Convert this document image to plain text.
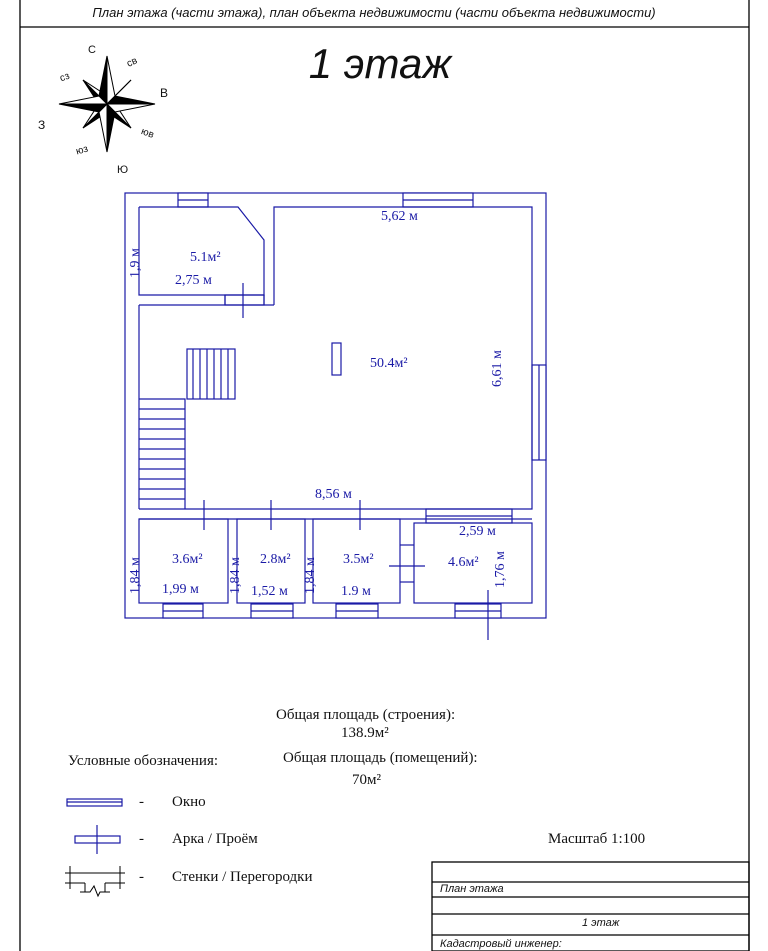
План этажа (части этажа), план объекта недвижимости (части объекта недвижимости)
1 этаж
С
сз
св
З
В
юз
юв
Ю
5.1м²
2,75 м
1,9 м
5,62 м
50.4м²	6,61 м
8,56 м
3.6м²
1,99 м
1,84 м	2.8м²
1,52 м
1,84 м	3.5м²
1.9 м
1,84 м
2,59 м
4.6м² 1,76 м
Общая площадь (строения):
138.9м²
Общая площадь (помещений):
70м²
Условные обозначения:
- Окно
- Арка / Проём
- Стенки / Перегородки
Масштаб 1:100
План этажа
1 этаж
Кадастровый инженер:
